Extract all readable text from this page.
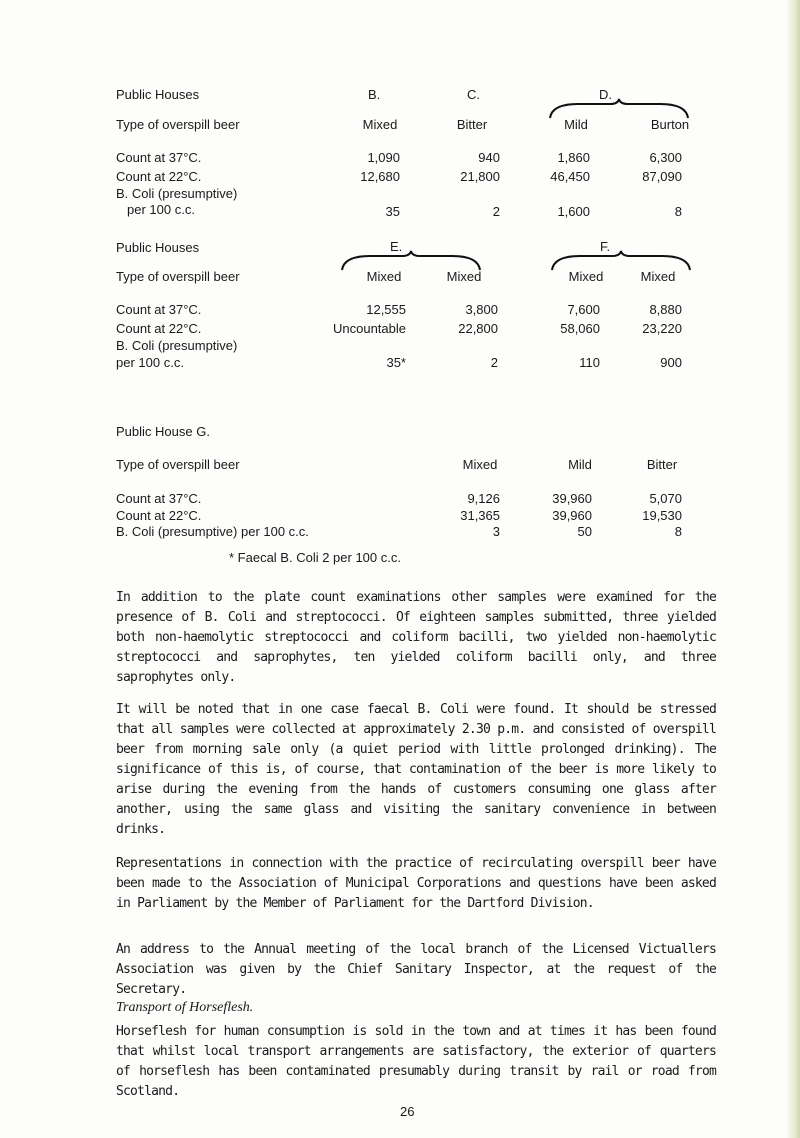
Public Houses	B.	C.	D.
Type of overspill beer	Mixed	Bitter	Mild	Burton
Count at 37°C.	1,090	940	1,860	6,300
Count at 22°C.	12,680	21,800	46,450	87,090
B. Coli (presumptive)
per 100 c.c.	35	2	1,600	8
Public Houses	E.	F.
Type of overspill beer	Mixed	Mixed	Mixed	Mixed
Count at 37°C.	12,555	3,800	7,600	8,880
Count at 22°C.	Uncountable	22,800	58,060	23,220
B. Coli (presumptive)
per 100 c.c.	35*	2	110	900
Public House G.
Type of overspill beer	Mixed	Mild	Bitter
Count at 37°C.	9,126	39,960	5,070
Count at 22°C.	31,365	39,960	19,530
B. Coli (presumptive) per 100 c.c.	3	50	8
* Faecal B. Coli 2 per 100 c.c.

In addition to the plate count examinations other samples were examined for the presence of B. Coli and streptococci. Of eighteen samples submitted, three yielded both non-haemolytic streptococci and coliform bacilli, two yielded non-haemolytic streptococci and saprophytes, ten yielded coliform bacilli only, and three saprophytes only.

It will be noted that in one case faecal B. Coli were found. It should be stressed that all samples were collected at approximately 2.30 p.m. and consisted of overspill beer from morning sale only (a quiet period with little prolonged drinking). The significance of this is, of course, that contamination of the beer is more likely to arise during the evening from the hands of customers consuming one glass after another, using the same glass and visiting the sanitary convenience in between drinks.

Representations in connection with the practice of recirculating overspill beer have been made to the Association of Municipal Corporations and questions have been asked in Parliament by the Member of Parliament for the Dartford Division.

An address to the Annual meeting of the local branch of the Licensed Victuallers Association was given by the Chief Sanitary Inspector, at the request of the Secretary.

Transport of Horseflesh.

Horseflesh for human consumption is sold in the town and at times it has been found that whilst local transport arrangements are satisfactory, the exterior of quarters of horseflesh has been contaminated presumably during transit by rail or road from Scotland.

26
